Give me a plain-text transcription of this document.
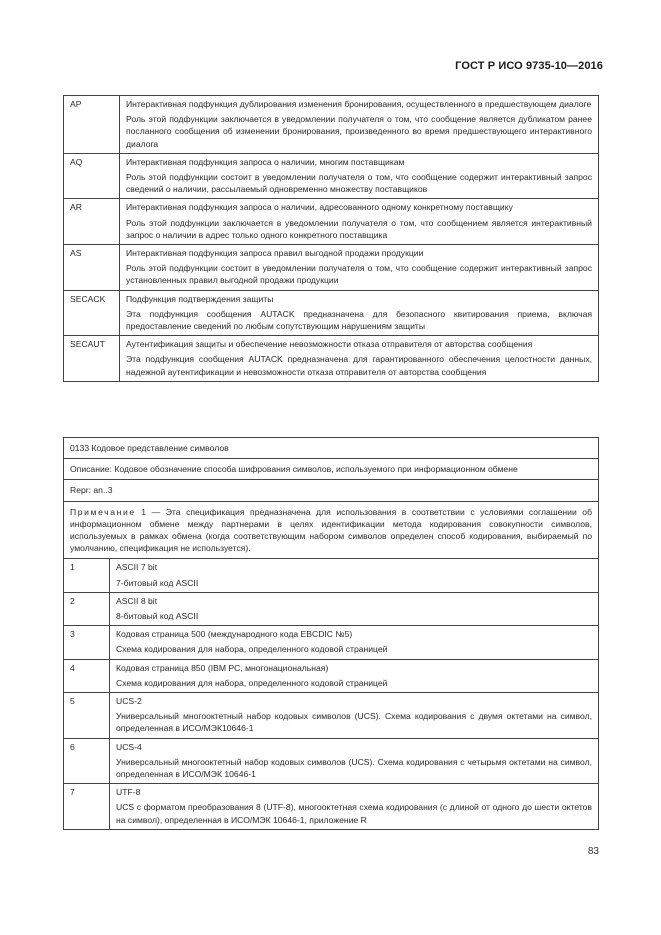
ГОСТ Р ИСО 9735-10—2016
AP	Интерактивная подфункция дублирования изменения бронирования, осуществленного в предшествующем диалоге
Роль этой подфункции заключается в уведомлении получателя о том, что сообщение является дубликатом ранее посланного сообщения об изменении бронирования, произведенного во время предшествующего интерактивного диалога

AQ	Интерактивная подфункция запроса о наличии, многим поставщикам
Роль этой подфункции состоит в уведомлении получателя о том, что сообщение содержит интерактивный запрос сведений о наличии, рассылаемый одновременно множеству поставщиков

AR	Интерактивная подфункция запроса о наличии, адресованного одному конкретному поставщику
Роль этой подфункции заключается в уведомлении получателя о том, что сообщением является интерактивный запрос о наличии в адрес только одного конкретного поставщика

AS	Интерактивная подфункция запроса правил выгодной продажи продукции
Роль этой подфункции состоит в уведомлении получателя о том, что сообщение содержит интерактивный запрос установленных правил выгодной продажи продукции

SECACK	Подфункция подтверждения защиты
Эта подфункция сообщения AUTACK предназначена для безопасного квитирования приема, включая предоставление сведений по любым сопутствующим нарушениям защиты

SECAUT	Аутентификация защиты и обеспечение невозможности отказа отправителя от авторства сообщения
Эта подфункция сообщения AUTACK предназначена для гарантированного обеспечения целостности данных, надежной аутентификации и невозможности отказа отправителя от авторства сообщения
0133 Кодовое представление символов	
Описание: Кодовое обозначение способа шифрования символов, используемого при информационном обмене	
Repr: an..3	

Примечание 1 — Эта спецификация предназначена для использования в соответствии с условиями соглашении об информационном обмене между партнерами в целях идентификации метода кодирования совокупности символов, используемых в рамках обмена (когда соответствующим набором символов определен способ кодирования, выбираемый по умолчанию, спецификация не используется).	

1	ASCII 7 bit
7-битовый код ASCII

2	ASCII 8 bit
8-битовый код ASCII

3	Кодовая страница 500 (международного кода EBCDIC №5)
Схема кодирования для набора, определенного кодовой страницей

4	Кодовая страница 850 (IBM PC, многонациональная)
Схема кодирования для набора, определенного кодовой страницей

5	UCS-2
Универсальный многооктетный набор кодовых символов (UCS). Схема кодирования с двумя октетами на символ, определенная в ИСО/МЭК10646-1

6	UCS-4
Универсальный многооктетный набор кодовых символов (UCS). Схема кодирования с четырьмя октетами на символ, определенная в ИСО/МЭК 10646-1

7	UTF-8
UCS с форматом преобразования 8 (UTF-8), многооктетная схема кодирования (с длиной от одного до шести октетов на символ), определенная в ИСО/МЭК 10646-1, приложение R
83
